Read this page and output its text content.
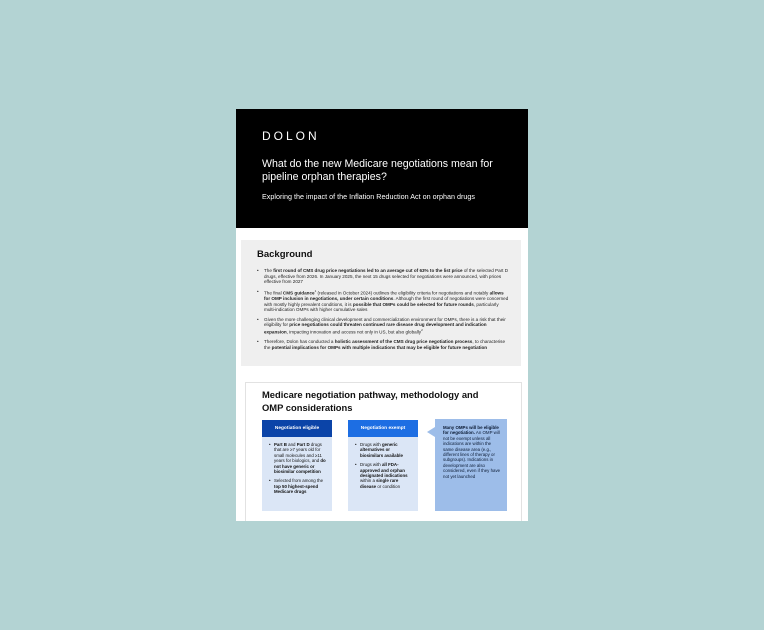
DOLON
What do the new Medicare negotiations mean for pipeline orphan therapies?
Exploring the impact of the Inflation Reduction Act on orphan drugs
Background
• The first round of CMS drug price negotiations led to an average cut of 63% to the list price of the selected Part D drugs, effective from 2026. In January 2025, the next 15 drugs selected for negotiations were announced, with prices effective from 2027
• The final CMS guidance$^1$ (released in October 2024) outlines the eligibility criteria for negotiations and notably allows for OMP inclusion in negotiations, under certain conditions. Although the first round of negotiations were concerned with mostly highly prevalent conditions, it is possible that OMPs could be selected for future rounds, particularly multi-indication OMPs with higher cumulative sales
• Given the more challenging clinical development and commercialization environment for OMPs, there is a risk that their eligibility for price negotiations could threaten continued rare disease drug development and indication expansion, impacting innovation and access not only in US, but also globally$^2$
• Therefore, Dolon has conducted a holistic assessment of the CMS drug price negotiation process, to characterise the potential implications for OMPs with multiple indications that may be eligible for future negotiation
Medicare negotiation pathway, methodology and OMP considerations
Negotiation eligible
• Part B and Part D drugs that are ≥7 years old for small molecules and ≥11 years for biologics, and do not have generic or biosimilar competition
• Selected from among the top 50 highest-spend Medicare drugs
Negotiation exempt
• Drugs with generic alternatives or biosimilars available
• Drugs with all FDA-approved and orphan designated indications within a single rare disease or condition
Many OMPs will be eligible for negotiation. An OMP will not be exempt unless all indications are within the same disease area (e.g., different lines of therapy or subgroups). Indications in development are also considered, even if they have not yet launched
